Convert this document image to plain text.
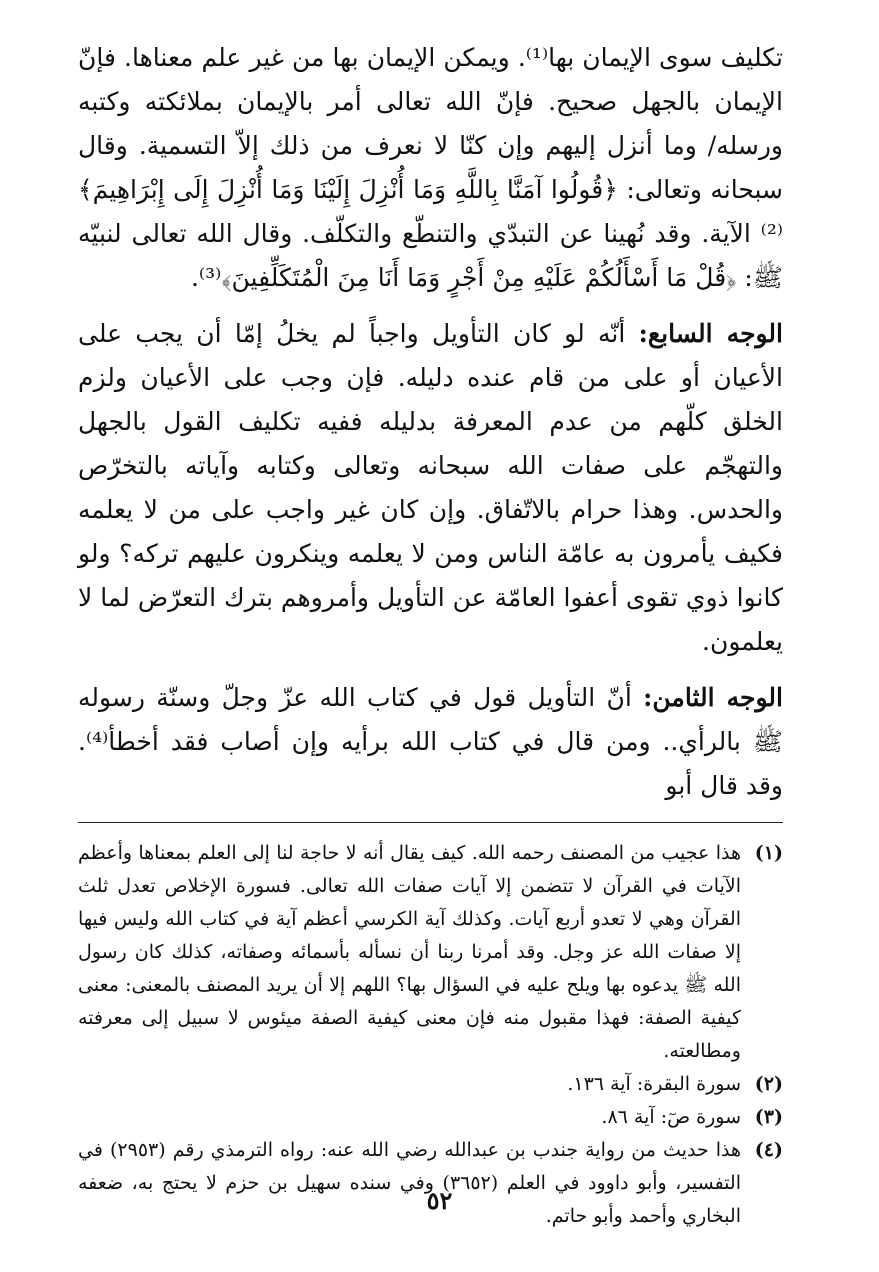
تكليف سوى الإيمان بها⁽¹⁾. ويمكن الإيمان بها من غير علم معناها. فإنّ الإيمان بالجهل صحيح. فإنّ الله تعالى أمر بالإيمان بملائكته وكتبه ورسله/ وما أنزل إليهم وإن كنّا لا نعرف من ذلك إلاّ التسمية. وقال سبحانه وتعالى: ﴿قُولُوا آمَنَّا بِاللَّهِ وَمَا أُنْزِلَ إِلَيْنَا وَمَا أُنْزِلَ إِلَى إِبْرَاهِيمَ﴾⁽²⁾ الآية. وقد نُهينا عن التبدّي والتنطّع والتكلّف. وقال الله تعالى لنبيّه ﷺ: ﴿قُلْ مَا أَسْأَلُكُمْ عَلَيْهِ مِنْ أَجْرٍ وَمَا أَنَا مِنَ الْمُتَكَلِّفِينَ﴾⁽³⁾.

الوجه السابع: أنّه لو كان التأويل واجباً لم يخلُ إمّا أن يجب على الأعيان أو على من قام عنده دليله. فإن وجب على الأعيان ولزم الخلق كلّهم من عدم المعرفة بدليله ففيه تكليف القول بالجهل والتهجّم على صفات الله سبحانه وتعالى وكتابه وآياته بالتخرّص والحدس. وهذا حرام بالاتّفاق. وإن كان غير واجب على من لا يعلمه فكيف يأمرون به عامّة الناس ومن لا يعلمه وينكرون عليهم تركه؟ ولو كانوا ذوي تقوى أعفوا العامّة عن التأويل وأمروهم بترك التعرّض لما لا يعلمون.

الوجه الثامن: أنّ التأويل قول في كتاب الله عزّ وجلّ وسنّة رسوله ﷺ بالرأي.. ومن قال في كتاب الله برأيه وإن أصاب فقد أخطأ⁽⁴⁾. وقد قال أبو

(١)
هذا عجيب من المصنف رحمه الله. كيف يقال أنه لا حاجة لنا إلى العلم بمعناها وأعظم الآيات في القرآن لا تتضمن إلا آيات صفات الله تعالى. فسورة الإخلاص تعدل ثلث القرآن وهي لا تعدو أربع آيات. وكذلك آية الكرسي أعظم آية في كتاب الله وليس فيها إلا صفات الله عز وجل. وقد أمرنا ربنا أن نسأله بأسمائه وصفاته، كذلك كان رسول الله ﷺ يدعوه بها ويلح عليه في السؤال بها؟ اللهم إلا أن يريد المصنف بالمعنى: معنى كيفية الصفة: فهذا مقبول منه فإن معنى كيفية الصفة ميئوس لا سبيل إلى معرفته ومطالعته.
(٢)
سورة البقرة: آية ١٣٦.
(٣)
سورة صٓ: آية ٨٦.
(٤)
هذا حديث من رواية جندب بن عبدالله رضي الله عنه: رواه الترمذي رقم (٢٩٥٣) في التفسير، وأبو داوود في العلم (٣٦٥٢) وفي سنده سهيل بن حزم لا يحتج به، ضعفه البخاري وأحمد وأبو حاتم.
٥٢
